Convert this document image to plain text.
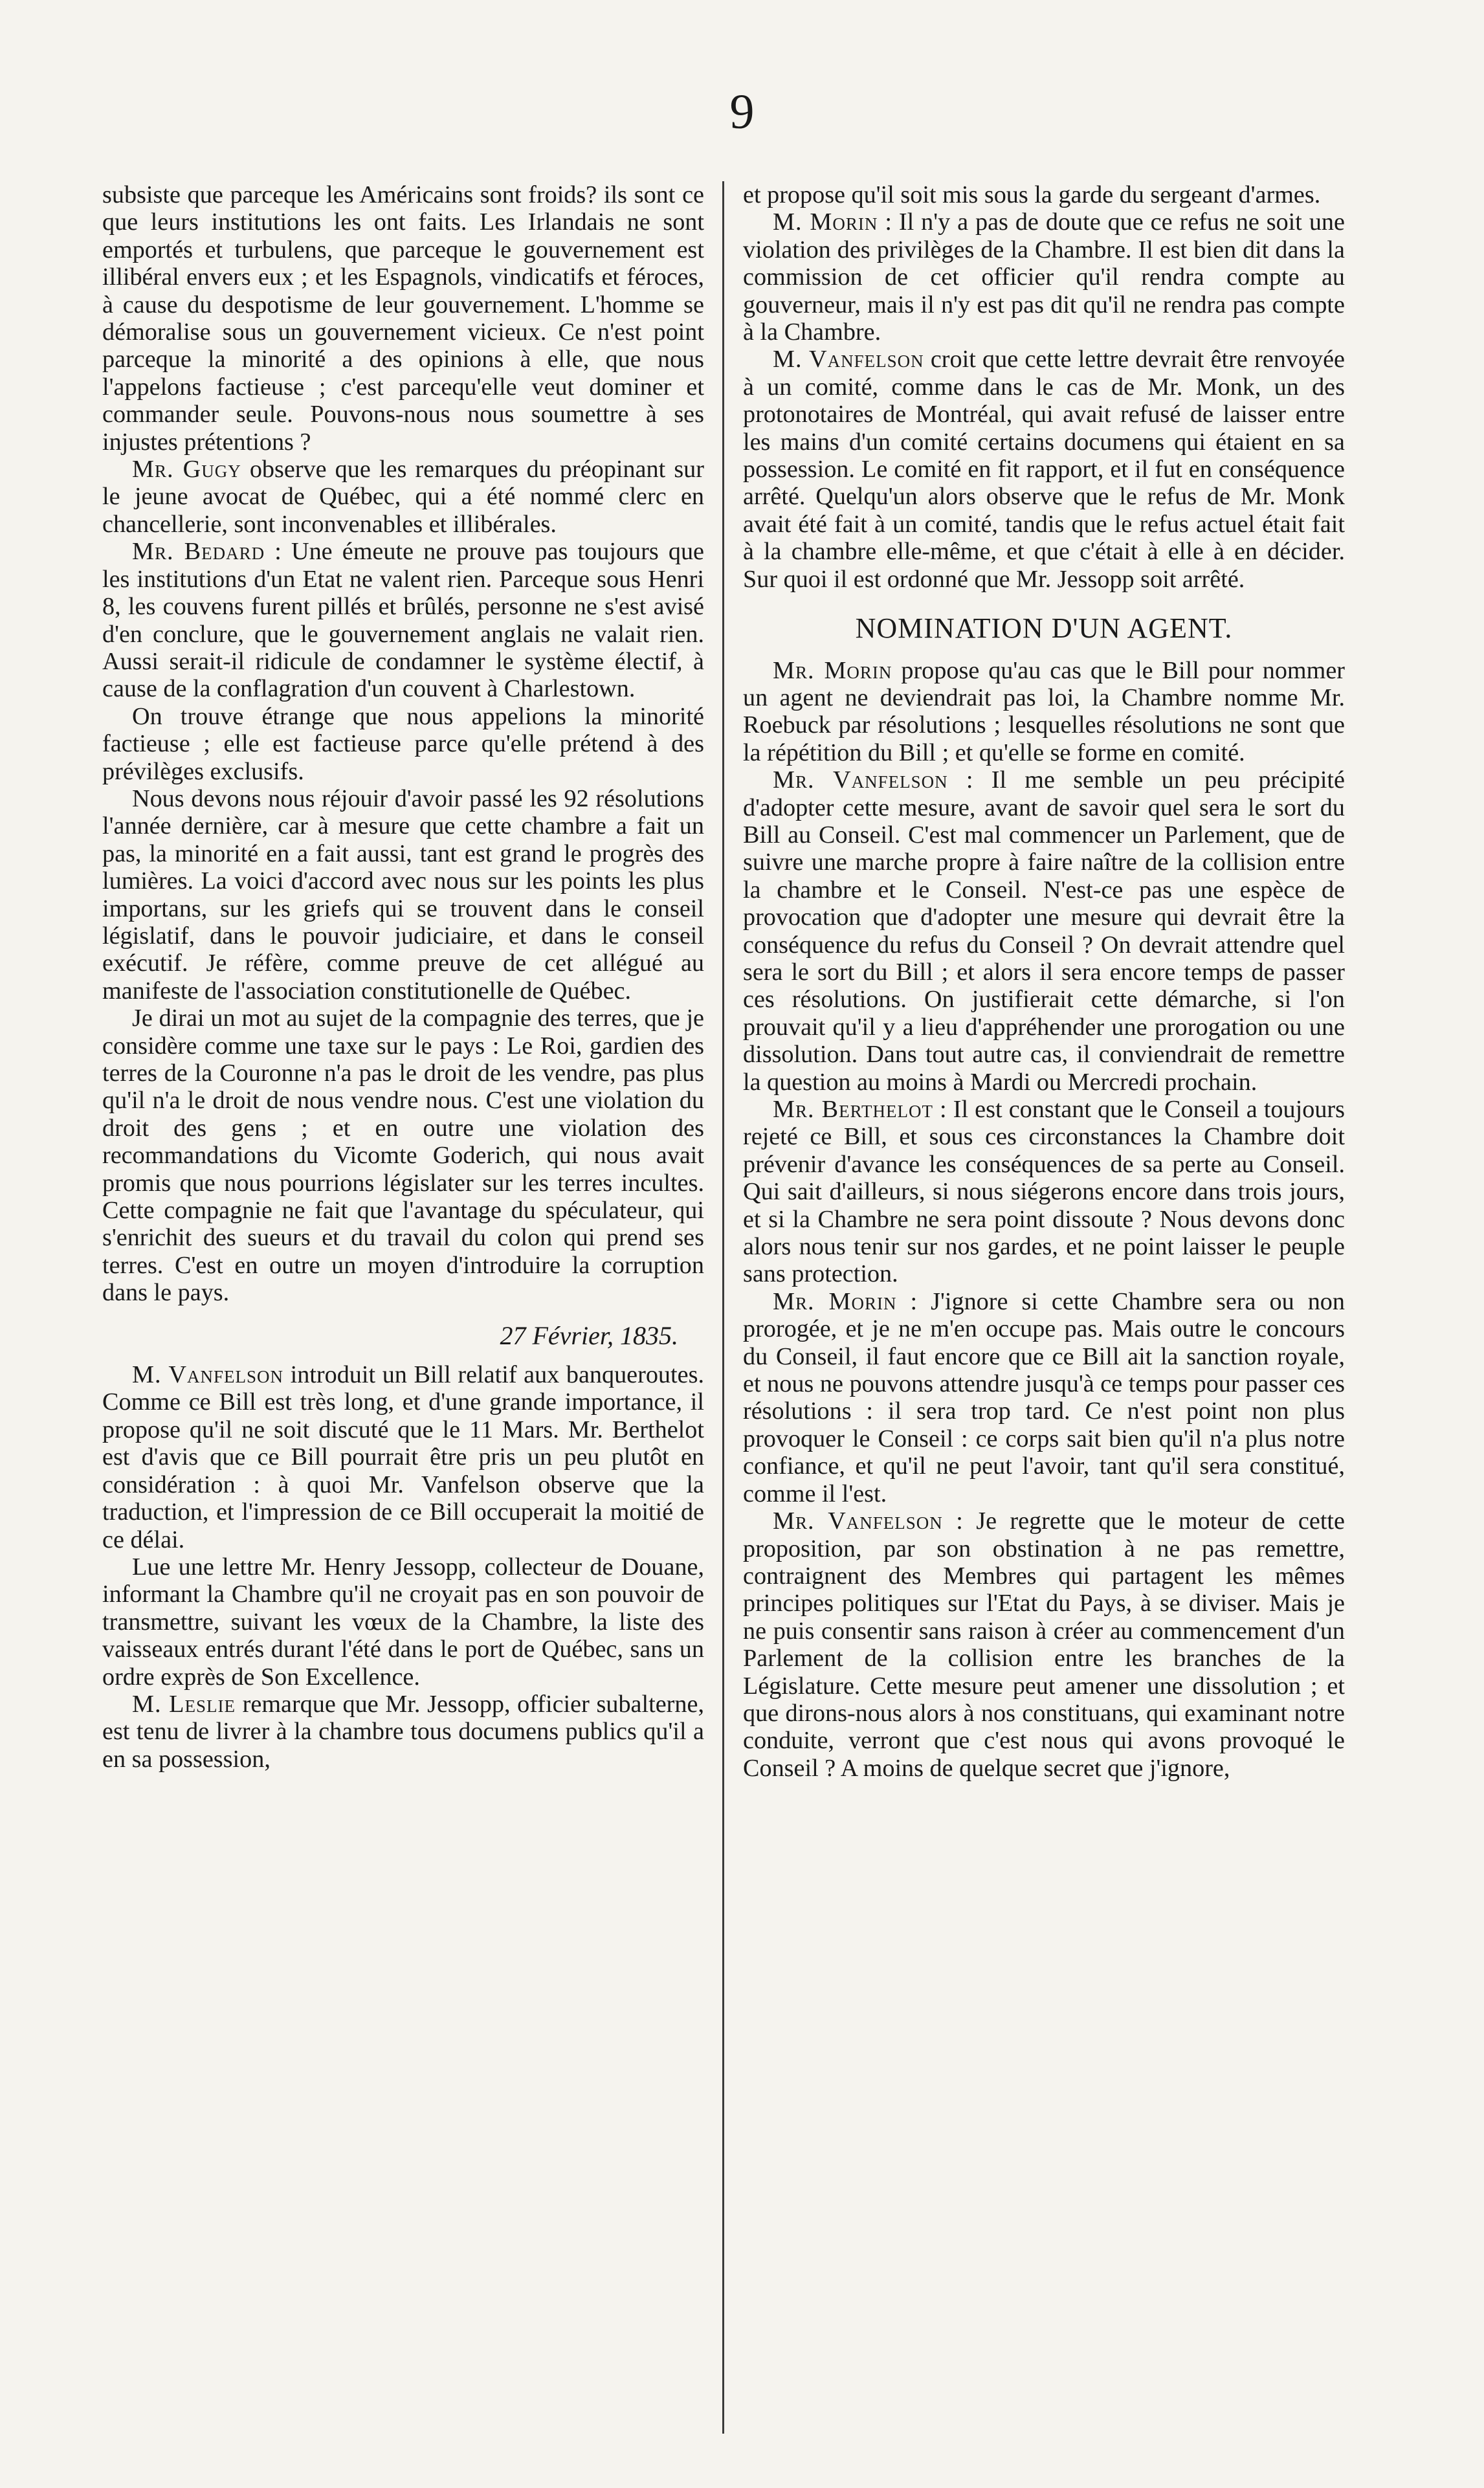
9

subsiste que parceque les Américains sont froids? ils sont ce que leurs institutions les ont faits. Les Irlandais ne sont emportés et turbulens, que parceque le gouvernement est illibéral envers eux ; et les Espagnols, vindicatifs et féroces, à cause du despotisme de leur gouvernement. L'homme se démoralise sous un gouvernement vicieux. Ce n'est point parceque la minorité a des opinions à elle, que nous l'appelons factieuse ; c'est parcequ'elle veut dominer et commander seule. Pouvons-nous nous soumettre à ses injustes prétentions ?

Mr. Gugy observe que les remarques du préopinant sur le jeune avocat de Québec, qui a été nommé clerc en chancellerie, sont inconvenables et illibérales.

Mr. Bedard : Une émeute ne prouve pas toujours que les institutions d'un Etat ne valent rien. Parceque sous Henri 8, les couvens furent pillés et brûlés, personne ne s'est avisé d'en conclure, que le gouvernement anglais ne valait rien. Aussi serait-il ridicule de condamner le système électif, à cause de la conflagration d'un couvent à Charlestown.

On trouve étrange que nous appelions la minorité factieuse ; elle est factieuse parce qu'elle prétend à des prévilèges exclusifs.

Nous devons nous réjouir d'avoir passé les 92 résolutions l'année dernière, car à mesure que cette chambre a fait un pas, la minorité en a fait aussi, tant est grand le progrès des lumières. La voici d'accord avec nous sur les points les plus importans, sur les griefs qui se trouvent dans le conseil législatif, dans le pouvoir judiciaire, et dans le conseil exécutif. Je réfère, comme preuve de cet allégué au manifeste de l'association constitutionelle de Québec.

Je dirai un mot au sujet de la compagnie des terres, que je considère comme une taxe sur le pays : Le Roi, gardien des terres de la Couronne n'a pas le droit de les vendre, pas plus qu'il n'a le droit de nous vendre nous. C'est une violation du droit des gens ; et en outre une violation des recommandations du Vicomte Goderich, qui nous avait promis que nous pourrions législater sur les terres incultes. Cette compagnie ne fait que l'avantage du spéculateur, qui s'enrichit des sueurs et du travail du colon qui prend ses terres. C'est en outre un moyen d'introduire la corruption dans le pays.

27 Février, 1835.

M. Vanfelson introduit un Bill relatif aux banqueroutes. Comme ce Bill est très long, et d'une grande importance, il propose qu'il ne soit discuté que le 11 Mars. Mr. Berthelot est d'avis que ce Bill pourrait être pris un peu plutôt en considération : à quoi Mr. Vanfelson observe que la traduction, et l'impression de ce Bill occuperait la moitié de ce délai.

Lue une lettre Mr. Henry Jessopp, collecteur de Douane, informant la Chambre qu'il ne croyait pas en son pouvoir de transmettre, suivant les vœux de la Chambre, la liste des vaisseaux entrés durant l'été dans le port de Québec, sans un ordre exprès de Son Excellence.

M. Leslie remarque que Mr. Jessopp, officier subalterne, est tenu de livrer à la chambre tous documens publics qu'il a en sa possession,

et propose qu'il soit mis sous la garde du sergeant d'armes.

M. Morin : Il n'y a pas de doute que ce refus ne soit une violation des privilèges de la Chambre. Il est bien dit dans la commission de cet officier qu'il rendra compte au gouverneur, mais il n'y est pas dit qu'il ne rendra pas compte à la Chambre.

M. Vanfelson croit que cette lettre devrait être renvoyée à un comité, comme dans le cas de Mr. Monk, un des protonotaires de Montréal, qui avait refusé de laisser entre les mains d'un comité certains documens qui étaient en sa possession. Le comité en fit rapport, et il fut en conséquence arrêté. Quelqu'un alors observe que le refus de Mr. Monk avait été fait à un comité, tandis que le refus actuel était fait à la chambre elle-même, et que c'était à elle à en décider. Sur quoi il est ordonné que Mr. Jessopp soit arrêté.

NOMINATION D'UN AGENT.

Mr. Morin propose qu'au cas que le Bill pour nommer un agent ne deviendrait pas loi, la Chambre nomme Mr. Roebuck par résolutions ; lesquelles résolutions ne sont que la répétition du Bill ; et qu'elle se forme en comité.

Mr. Vanfelson : Il me semble un peu précipité d'adopter cette mesure, avant de savoir quel sera le sort du Bill au Conseil. C'est mal commencer un Parlement, que de suivre une marche propre à faire naître de la collision entre la chambre et le Conseil. N'est-ce pas une espèce de provocation que d'adopter une mesure qui devrait être la conséquence du refus du Conseil ? On devrait attendre quel sera le sort du Bill ; et alors il sera encore temps de passer ces résolutions. On justifierait cette démarche, si l'on prouvait qu'il y a lieu d'appréhender une prorogation ou une dissolution. Dans tout autre cas, il conviendrait de remettre la question au moins à Mardi ou Mercredi prochain.

Mr. Berthelot : Il est constant que le Conseil a toujours rejeté ce Bill, et sous ces circonstances la Chambre doit prévenir d'avance les conséquences de sa perte au Conseil. Qui sait d'ailleurs, si nous siégerons encore dans trois jours, et si la Chambre ne sera point dissoute ? Nous devons donc alors nous tenir sur nos gardes, et ne point laisser le peuple sans protection.

Mr. Morin : J'ignore si cette Chambre sera ou non prorogée, et je ne m'en occupe pas. Mais outre le concours du Conseil, il faut encore que ce Bill ait la sanction royale, et nous ne pouvons attendre jusqu'à ce temps pour passer ces résolutions : il sera trop tard. Ce n'est point non plus provoquer le Conseil : ce corps sait bien qu'il n'a plus notre confiance, et qu'il ne peut l'avoir, tant qu'il sera constitué, comme il l'est.

Mr. Vanfelson : Je regrette que le moteur de cette proposition, par son obstination à ne pas remettre, contraignent des Membres qui partagent les mêmes principes politiques sur l'Etat du Pays, à se diviser. Mais je ne puis consentir sans raison à créer au commencement d'un Parlement de la collision entre les branches de la Législature. Cette mesure peut amener une dissolution ; et que dirons-nous alors à nos constituans, qui examinant notre conduite, verront que c'est nous qui avons provoqué le Conseil ? A moins de quelque secret que j'ignore,
